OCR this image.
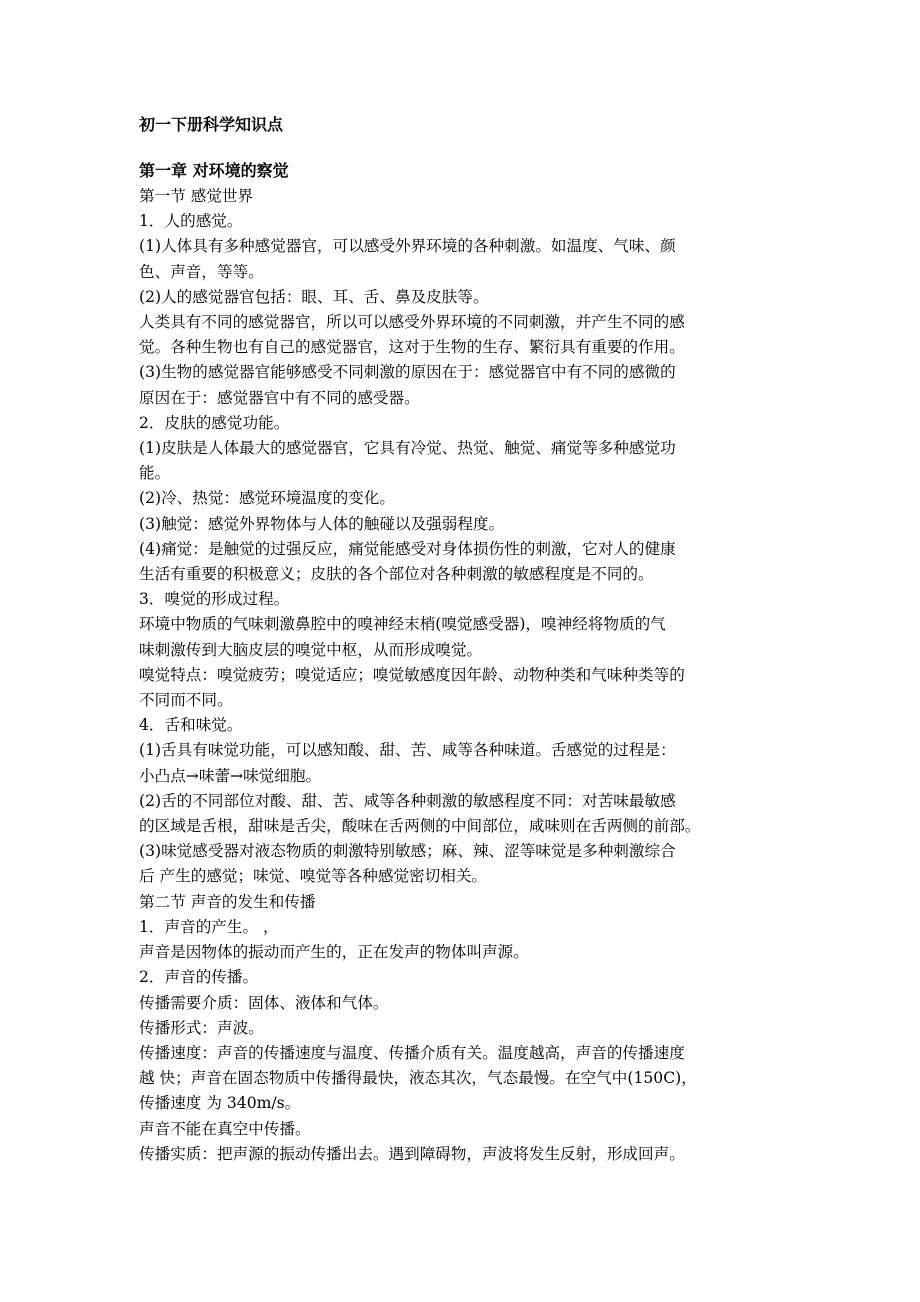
初一下册科学知识点
第一章 对环境的察觉
第一节 感觉世界
1．人的感觉。
(1)人体具有多种感觉器官，可以感受外界环境的各种刺激。如温度、气味、颜
色、声音，等等。
(2)人的感觉器官包括：眼、耳、舌、鼻及皮肤等。
人类具有不同的感觉器官，所以可以感受外界环境的不同刺激，并产生不同的感
觉。各种生物也有自己的感觉器官，这对于生物的生存、繁衍具有重要的作用。
(3)生物的感觉器官能够感受不同刺激的原因在于：感觉器官中有不同的感微的
原因在于：感觉器官中有不同的感受器。
2．皮肤的感觉功能。
(1)皮肤是人体最大的感觉器官，它具有冷觉、热觉、触觉、痛觉等多种感觉功
能。
(2)冷、热觉：感觉环境温度的变化。
(3)触觉：感觉外界物体与人体的触碰以及强弱程度。
(4)痛觉：是触觉的过强反应，痛觉能感受对身体损伤性的刺激，它对人的健康
生活有重要的积极意义；皮肤的各个部位对各种刺激的敏感程度是不同的。
3．嗅觉的形成过程。
环境中物质的气味刺激鼻腔中的嗅神经末梢(嗅觉感受器)，嗅神经将物质的气
味刺激传到大脑皮层的嗅觉中枢，从而形成嗅觉。
嗅觉特点：嗅觉疲劳；嗅觉适应；嗅觉敏感度因年龄、动物种类和气味种类等的
不同而不同。
4．舌和味觉。
(1)舌具有味觉功能，可以感知酸、甜、苦、咸等各种味道。舌感觉的过程是：
小凸点→味蕾→味觉细胞。
(2)舌的不同部位对酸、甜、苦、咸等各种刺激的敏感程度不同：对苦味最敏感
的区域是舌根，甜味是舌尖，酸味在舌两侧的中间部位，咸味则在舌两侧的前部。
(3)味觉感受器对液态物质的刺激特别敏感；麻、辣、涩等味觉是多种刺激综合
后 产生的感觉；味觉、嗅觉等各种感觉密切相关。
第二节 声音的发生和传播
1．声音的产生。 ，
声音是因物体的振动而产生的，正在发声的物体叫声源。
2．声音的传播。
传播需要介质：固体、液体和气体。
传播形式：声波。
传播速度：声音的传播速度与温度、传播介质有关。温度越高，声音的传播速度
越 快；声音在固态物质中传播得最快，液态其次，气态最慢。在空气中(150C)，
传播速度 为 340m/s。
声音不能在真空中传播。
传播实质：把声源的振动传播出去。遇到障碍物，声波将发生反射，形成回声。
